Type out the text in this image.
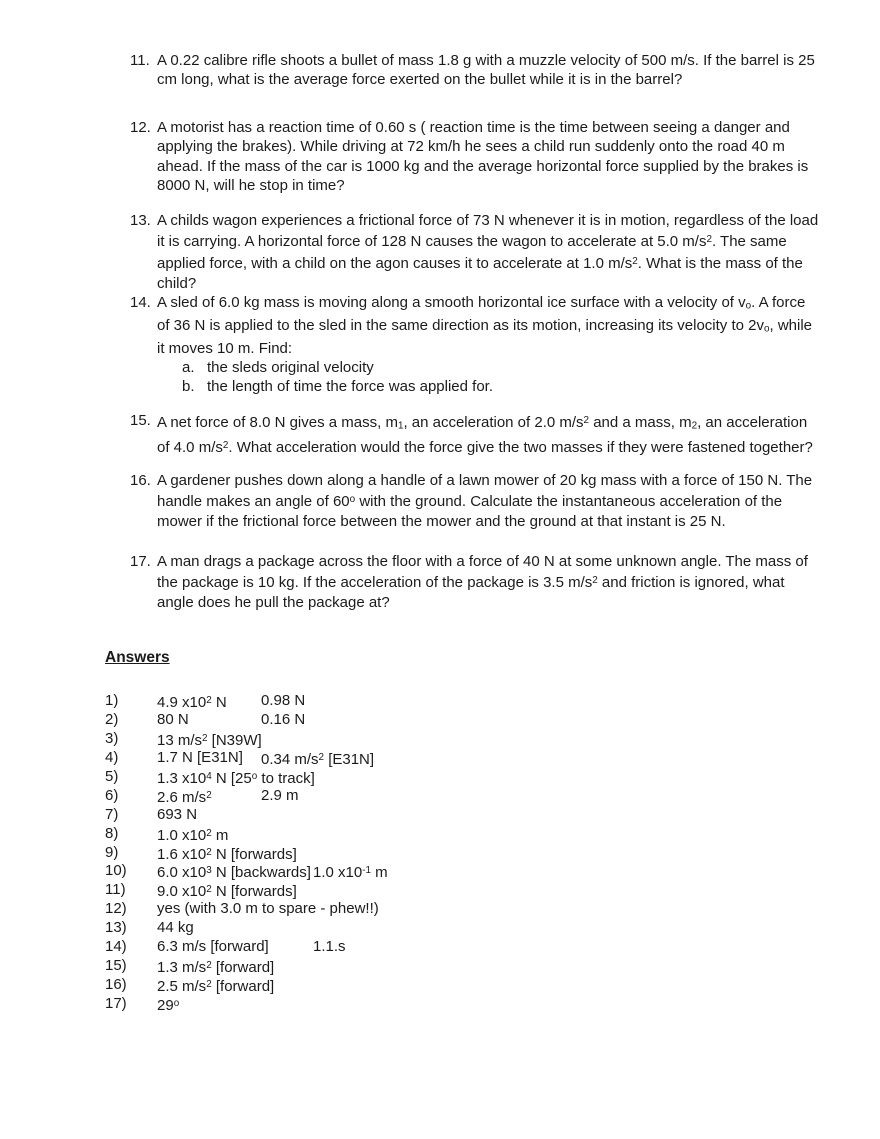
11. A 0.22 calibre rifle shoots a bullet of mass 1.8 g with a muzzle velocity of 500 m/s. If the barrel is 25 cm long, what is the average force exerted on the bullet while it is in the barrel?
12. A motorist has a reaction time of 0.60 s ( reaction time is the time between seeing a danger and applying the brakes). While driving at 72 km/h he sees a child run suddenly onto the road 40 m ahead. If the mass of the car is 1000 kg and the average horizontal force supplied by the brakes is 8000 N, will he stop in time?
13. A childs wagon experiences a frictional force of 73 N whenever it is in motion, regardless of the load it is carrying. A horizontal force of 128 N causes the wagon to accelerate at 5.0 $m/s^2$. The same applied force, with a child on the agon causes it to accelerate at 1.0 $m/s^2$. What is the mass of the child?
14. A sled of 6.0 kg mass is moving along a smooth horizontal ice surface with a velocity of $v_o$. A force of 36 N is applied to the sled in the same direction as its motion, increasing its velocity to $2v_o$, while it moves 10 m. Find:
a. the sleds original velocity
b. the length of time the force was applied for.
15. A net force of 8.0 N gives a mass, $m_1$, an acceleration of 2.0 $m/s^2$ and a mass, $m_2$, an acceleration of 4.0 $m/s^2$. What acceleration would the force give the two masses if they were fastened together?
16. A gardener pushes down along a handle of a lawn mower of 20 kg mass with a force of 150 N. The handle makes an angle of 60$^o$ with the ground. Calculate the instantaneous acceleration of the mower if the frictional force between the mower and the ground at that instant is 25 N.
17. A man drags a package across the floor with a force of 40 N at some unknown angle. The mass of the package is 10 kg. If the acceleration of the package is 3.5 $m/s^2$ and friction is ignored, what angle does he pull the package at?
Answers
1)	4.9 $x10^2$ N 0.98 N
2)	80 N	0.16 N
3)	13 $m/s^2$ [N39W]
4)	1.7 N [E31N] 0.34 $m/s^2$ [E31N]
5)	1.3 $x10^4$ N [25$^o$ to track]
6)	2.6 $m/s^2$	2.9 m
7)	693 N
8)	1.0 $x10^2$ m
9)	1.6 $x10^2$ N [forwards]
10) 6.0 $x10^3$ N [backwards] 1.0 $x10^{-1}$ m
11) 9.0 $x10^2$ N [forwards]
12) yes (with 3.0 m to spare - phew!!)
13) 44 kg
14) 6.3 m/s [forward]	1.1.s
15) 1.3 $m/s^2$ [forward]
16) 2.5 $m/s^2$ [forward]
17) 29$^o$
